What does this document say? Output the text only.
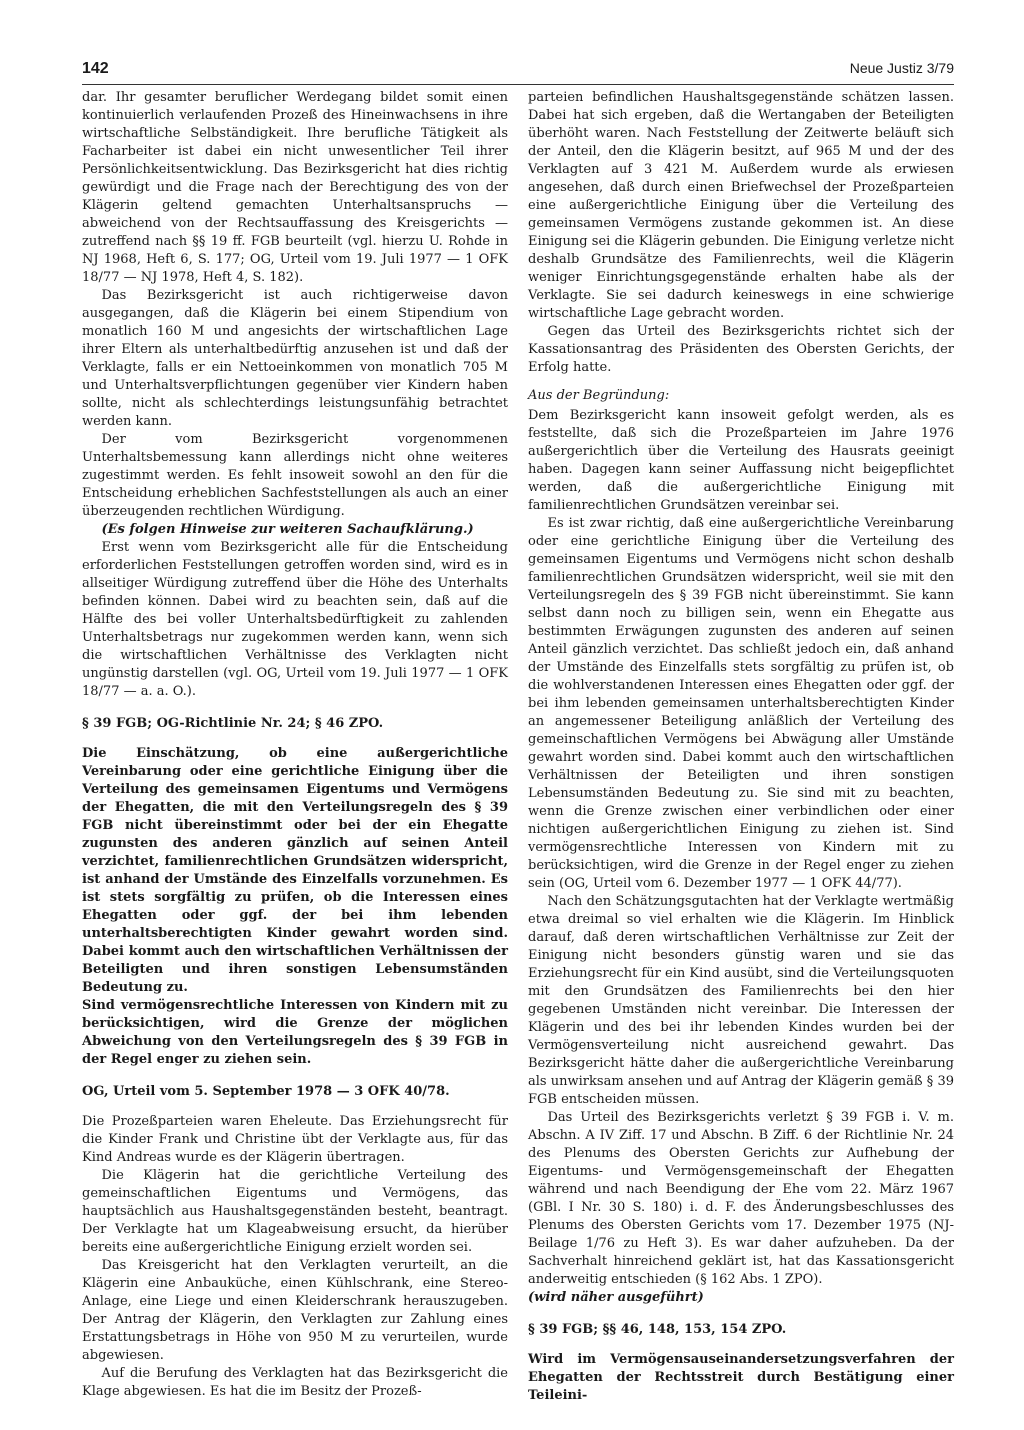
142	Neue Justiz 3/79

dar. Ihr gesamter beruflicher Werdegang bildet somit einen kontinuierlich verlaufenden Prozeß des Hineinwachsens in ihre wirtschaftliche Selbständigkeit. Ihre berufliche Tätigkeit als Facharbeiter ist dabei ein nicht unwesentlicher Teil ihrer Persönlichkeitsentwicklung. Das Bezirksgericht hat dies richtig gewürdigt und die Frage nach der Berechtigung des von der Klägerin geltend gemachten Unterhaltsanspruchs — abweichend von der Rechtsauffassung des Kreisgerichts — zutreffend nach §§ 19 ff. FGB beurteilt (vgl. hierzu U. Rohde in NJ 1968, Heft 6, S. 177; OG, Urteil vom 19. Juli 1977 — 1 OFK 18/77 — NJ 1978, Heft 4, S. 182).

Das Bezirksgericht ist auch richtigerweise davon ausgegangen, daß die Klägerin bei einem Stipendium von monatlich 160 M und angesichts der wirtschaftlichen Lage ihrer Eltern als unterhaltbedürftig anzusehen ist und daß der Verklagte, falls er ein Nettoeinkommen von monatlich 705 M und Unterhaltsverpflichtungen gegenüber vier Kindern haben sollte, nicht als schlechterdings leistungsunfähig betrachtet werden kann.

Der vom Bezirksgericht vorgenommenen Unterhaltsbemessung kann allerdings nicht ohne weiteres zugestimmt werden. Es fehlt insoweit sowohl an den für die Entscheidung erheblichen Sachfeststellungen als auch an einer überzeugenden rechtlichen Würdigung.

(Es folgen Hinweise zur weiteren Sachaufklärung.)

Erst wenn vom Bezirksgericht alle für die Entscheidung erforderlichen Feststellungen getroffen worden sind, wird es in allseitiger Würdigung zutreffend über die Höhe des Unterhalts befinden können. Dabei wird zu beachten sein, daß auf die Hälfte des bei voller Unterhaltsbedürftigkeit zu zahlenden Unterhaltsbetrags nur zugekommen werden kann, wenn sich die wirtschaftlichen Verhältnisse des Verklagten nicht ungünstig darstellen (vgl. OG, Urteil vom 19. Juli 1977 — 1 OFK 18/77 — a. a. O.).

§ 39 FGB; OG-Richtlinie Nr. 24; § 46 ZPO.

Die Einschätzung, ob eine außergerichtliche Vereinbarung oder eine gerichtliche Einigung über die Verteilung des gemeinsamen Eigentums und Vermögens der Ehegatten, die mit den Verteilungsregeln des § 39 FGB nicht übereinstimmt oder bei der ein Ehegatte zugunsten des anderen gänzlich auf seinen Anteil verzichtet, familienrechtlichen Grundsätzen widerspricht, ist anhand der Umstände des Einzelfalls vorzunehmen. Es ist stets sorgfältig zu prüfen, ob die Interessen eines Ehegatten oder ggf. der bei ihm lebenden unterhaltsberechtigten Kinder gewahrt worden sind. Dabei kommt auch den wirtschaftlichen Verhältnissen der Beteiligten und ihren sonstigen Lebensumständen Bedeutung zu.

Sind vermögensrechtliche Interessen von Kindern mit zu berücksichtigen, wird die Grenze der möglichen Abweichung von den Verteilungsregeln des § 39 FGB in der Regel enger zu ziehen sein.

OG, Urteil vom 5. September 1978 — 3 OFK 40/78.

Die Prozeßparteien waren Eheleute. Das Erziehungsrecht für die Kinder Frank und Christine übt der Verklagte aus, für das Kind Andreas wurde es der Klägerin übertragen.

Die Klägerin hat die gerichtliche Verteilung des gemeinschaftlichen Eigentums und Vermögens, das hauptsächlich aus Haushaltsgegenständen besteht, beantragt. Der Verklagte hat um Klageabweisung ersucht, da hierüber bereits eine außergerichtliche Einigung erzielt worden sei.

Das Kreisgericht hat den Verklagten verurteilt, an die Klägerin eine Anbauküche, einen Kühlschrank, eine Stereo-Anlage, eine Liege und einen Kleiderschrank herauszugeben. Der Antrag der Klägerin, den Verklagten zur Zahlung eines Erstattungsbetrags in Höhe von 950 M zu verurteilen, wurde abgewiesen.

Auf die Berufung des Verklagten hat das Bezirksgericht die Klage abgewiesen. Es hat die im Besitz der Prozeß-

parteien befindlichen Haushaltsgegenstände schätzen lassen. Dabei hat sich ergeben, daß die Wertangaben der Beteiligten überhöht waren. Nach Feststellung der Zeitwerte beläuft sich der Anteil, den die Klägerin besitzt, auf 965 M und der des Verklagten auf 3 421 M. Außerdem wurde als erwiesen angesehen, daß durch einen Briefwechsel der Prozeßparteien eine außergerichtliche Einigung über die Verteilung des gemeinsamen Vermögens zustande gekommen ist. An diese Einigung sei die Klägerin gebunden. Die Einigung verletze nicht deshalb Grundsätze des Familienrechts, weil die Klägerin weniger Einrichtungsgegenstände erhalten habe als der Verklagte. Sie sei dadurch keineswegs in eine schwierige wirtschaftliche Lage gebracht worden.

Gegen das Urteil des Bezirksgerichts richtet sich der Kassationsantrag des Präsidenten des Obersten Gerichts, der Erfolg hatte.

Aus der Begründung:

Dem Bezirksgericht kann insoweit gefolgt werden, als es feststellte, daß sich die Prozeßparteien im Jahre 1976 außergerichtlich über die Verteilung des Hausrats geeinigt haben. Dagegen kann seiner Auffassung nicht beigepflichtet werden, daß die außergerichtliche Einigung mit familienrechtlichen Grundsätzen vereinbar sei.

Es ist zwar richtig, daß eine außergerichtliche Vereinbarung oder eine gerichtliche Einigung über die Verteilung des gemeinsamen Eigentums und Vermögens nicht schon deshalb familienrechtlichen Grundsätzen widerspricht, weil sie mit den Verteilungsregeln des § 39 FGB nicht übereinstimmt. Sie kann selbst dann noch zu billigen sein, wenn ein Ehegatte aus bestimmten Erwägungen zugunsten des anderen auf seinen Anteil gänzlich verzichtet. Das schließt jedoch ein, daß anhand der Umstände des Einzelfalls stets sorgfältig zu prüfen ist, ob die wohlverstandenen Interessen eines Ehegatten oder ggf. der bei ihm lebenden gemeinsamen unterhaltsberechtigten Kinder an angemessener Beteiligung anläßlich der Verteilung des gemeinschaftlichen Vermögens bei Abwägung aller Umstände gewahrt worden sind. Dabei kommt auch den wirtschaftlichen Verhältnissen der Beteiligten und ihren sonstigen Lebensumständen Bedeutung zu. Sie sind mit zu beachten, wenn die Grenze zwischen einer verbindlichen oder einer nichtigen außergerichtlichen Einigung zu ziehen ist. Sind vermögensrechtliche Interessen von Kindern mit zu berücksichtigen, wird die Grenze in der Regel enger zu ziehen sein (OG, Urteil vom 6. Dezember 1977 — 1 OFK 44/77).

Nach den Schätzungsgutachten hat der Verklagte wertmäßig etwa dreimal so viel erhalten wie die Klägerin. Im Hinblick darauf, daß deren wirtschaftlichen Verhältnisse zur Zeit der Einigung nicht besonders günstig waren und sie das Erziehungsrecht für ein Kind ausübt, sind die Verteilungsquoten mit den Grundsätzen des Familienrechts bei den hier gegebenen Umständen nicht vereinbar. Die Interessen der Klägerin und des bei ihr lebenden Kindes wurden bei der Vermögensverteilung nicht ausreichend gewahrt. Das Bezirksgericht hätte daher die außergerichtliche Vereinbarung als unwirksam ansehen und auf Antrag der Klägerin gemäß § 39 FGB entscheiden müssen.

Das Urteil des Bezirksgerichts verletzt § 39 FGB i. V. m. Abschn. A IV Ziff. 17 und Abschn. B Ziff. 6 der Richtlinie Nr. 24 des Plenums des Obersten Gerichts zur Aufhebung der Eigentums- und Vermögensgemeinschaft der Ehegatten während und nach Beendigung der Ehe vom 22. März 1967 (GBl. I Nr. 30 S. 180) i. d. F. des Änderungsbeschlusses des Plenums des Obersten Gerichts vom 17. Dezember 1975 (NJ-Beilage 1/76 zu Heft 3). Es war daher aufzuheben. Da der Sachverhalt hinreichend geklärt ist, hat das Kassationsgericht anderweitig entschieden (§ 162 Abs. 1 ZPO).

(wird näher ausgeführt)

§ 39 FGB; §§ 46, 148, 153, 154 ZPO.

Wird im Vermögensauseinandersetzungsverfahren der Ehegatten der Rechtsstreit durch Bestätigung einer Teileini-
